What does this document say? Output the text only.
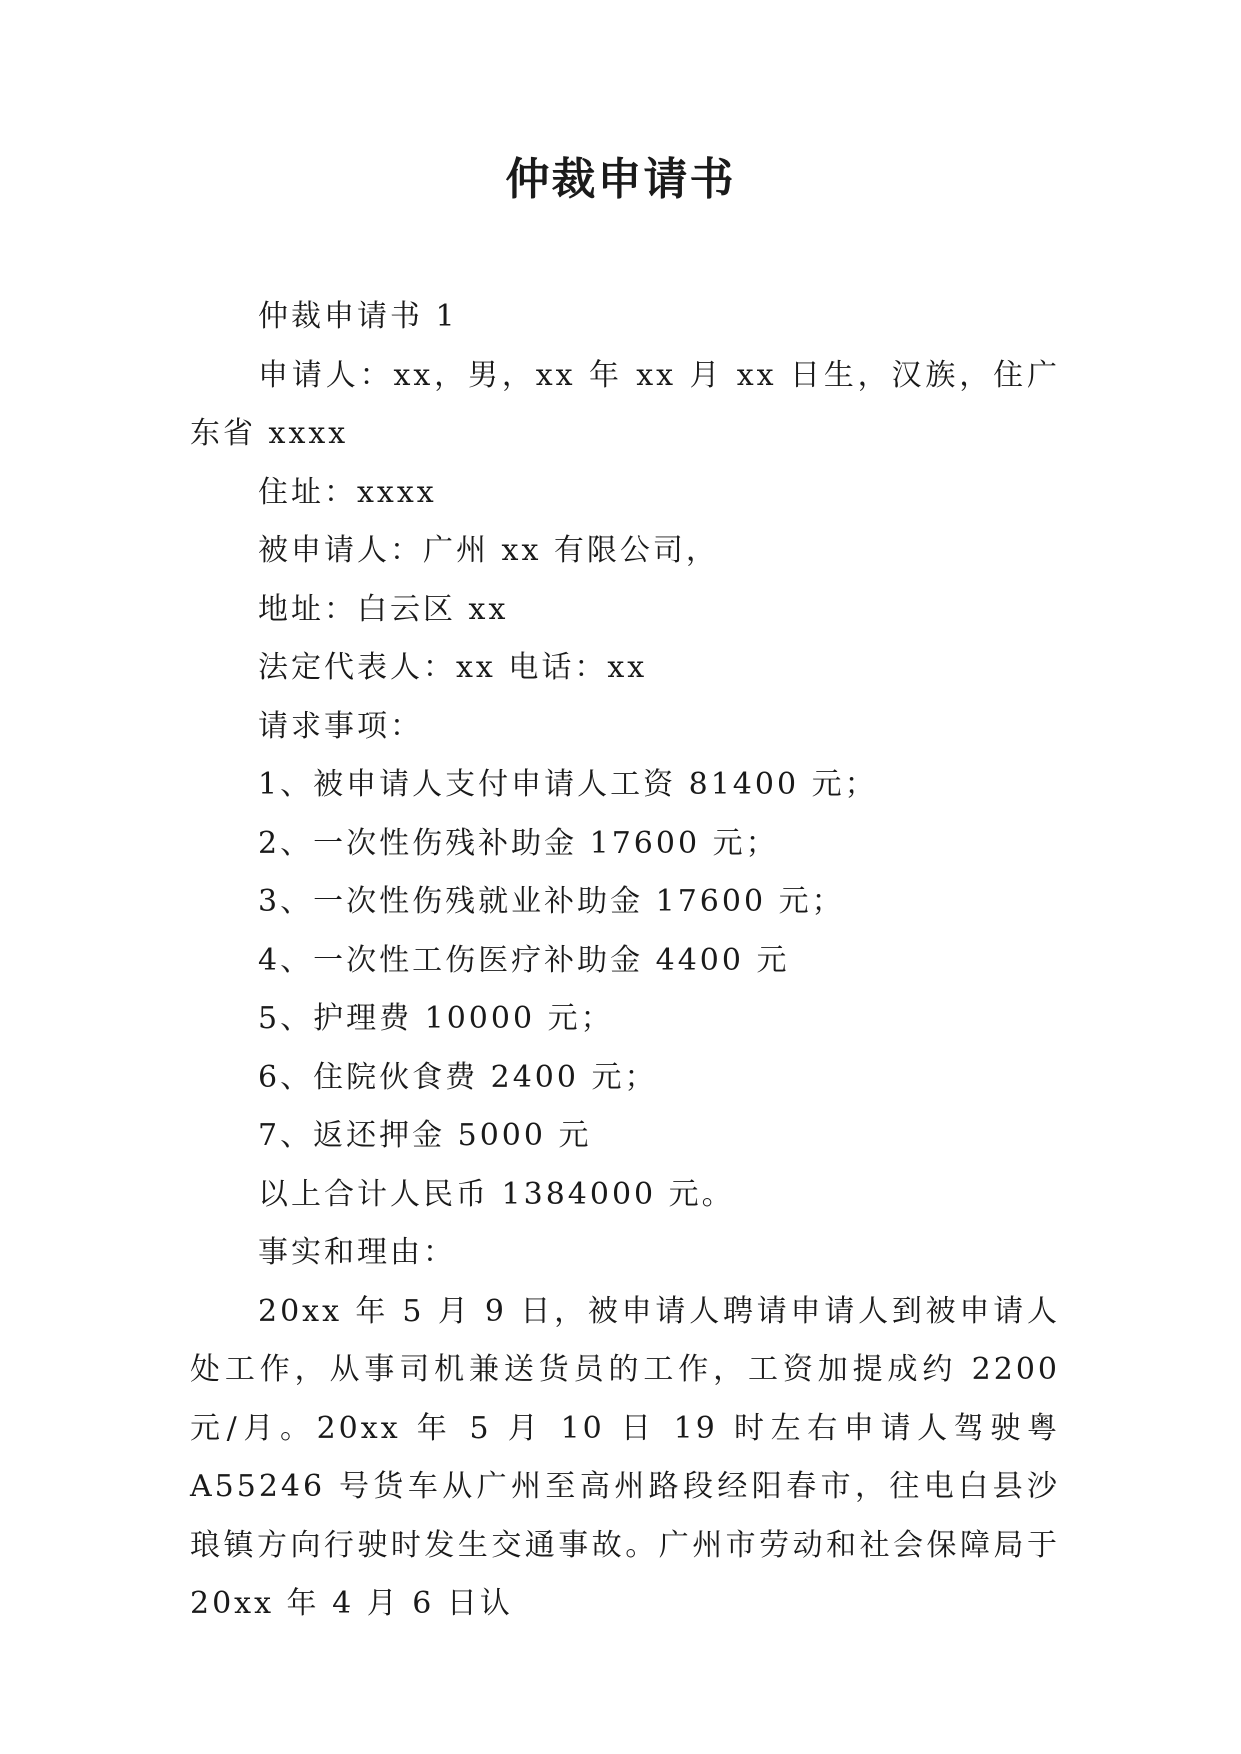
仲裁申请书

仲裁申请书 1

申请人：xx，男，xx 年 xx 月 xx 日生，汉族，住广东省 xxxx

住址：xxxx

被申请人：广州 xx 有限公司，

地址：白云区 xx

法定代表人：xx 电话：xx

请求事项：

1、被申请人支付申请人工资 81400 元；

2、一次性伤残补助金 17600 元；

3、一次性伤残就业补助金 17600 元；

4、一次性工伤医疗补助金 4400 元

5、护理费 10000 元；

6、住院伙食费 2400 元；

7、返还押金 5000 元

以上合计人民币 1384000 元。

事实和理由：

20xx 年 5 月 9 日，被申请人聘请申请人到被申请人处工作，从事司机兼送货员的工作，工资加提成约 2200 元/月。20xx 年 5 月 10 日 19 时左右申请人驾驶粤 A55246 号货车从广州至高州路段经阳春市，往电白县沙琅镇方向行驶时发生交通事故。广州市劳动和社会保障局于 20xx 年 4 月 6 日认
